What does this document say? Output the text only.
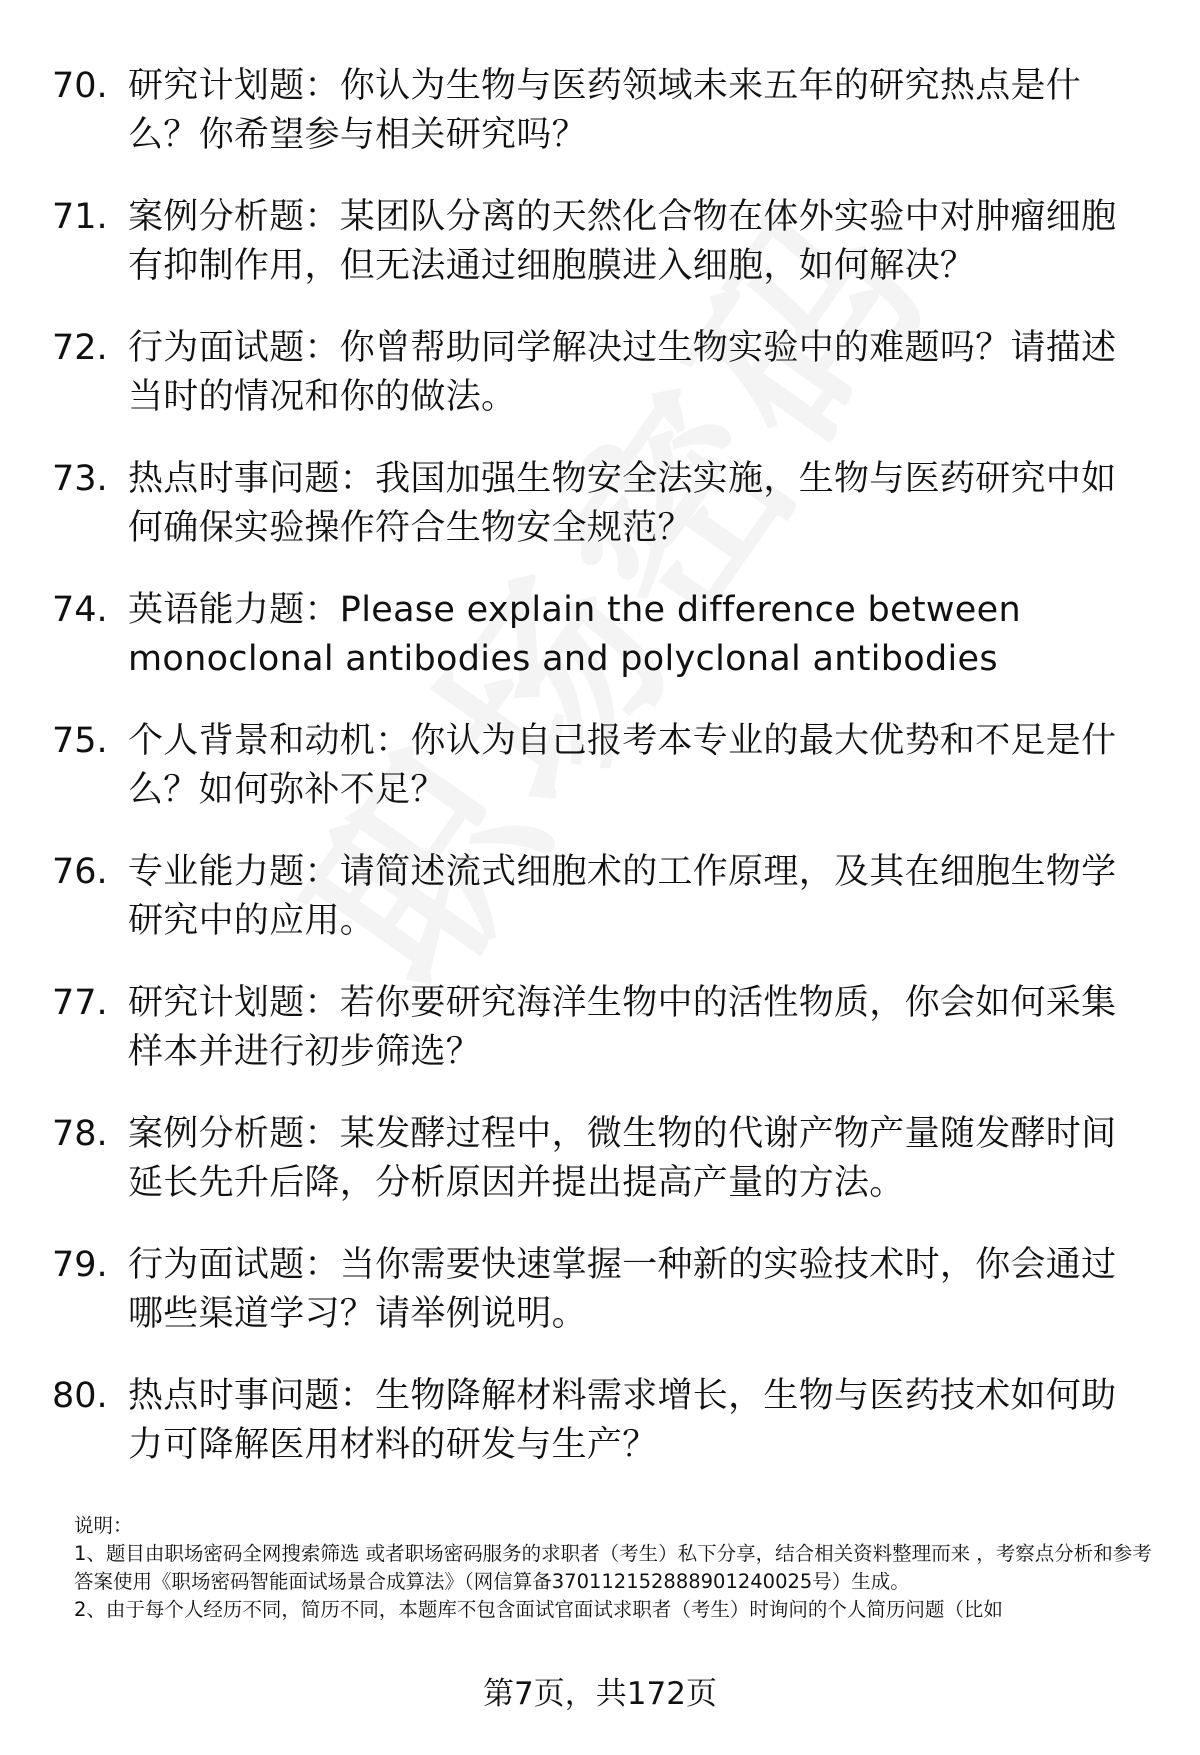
70. 研究计划题：你认为生物与医药领域未来五年的研究热点是什么？你希望参与相关研究吗？
71. 案例分析题：某团队分离的天然化合物在体外实验中对肿瘤细胞有抑制作用，但无法通过细胞膜进入细胞，如何解决？
72. 行为面试题：你曾帮助同学解决过生物实验中的难题吗？请描述当时的情况和你的做法。
73. 热点时事问题：我国加强生物安全法实施，生物与医药研究中如何确保实验操作符合生物安全规范？
74. 英语能力题：Please explain the difference between monoclonal antibodies and polyclonal antibodies
75. 个人背景和动机：你认为自己报考本专业的最大优势和不足是什么？如何弥补不足？
76. 专业能力题：请简述流式细胞术的工作原理，及其在细胞生物学研究中的应用。
77. 研究计划题：若你要研究海洋生物中的活性物质，你会如何采集样本并进行初步筛选？
78. 案例分析题：某发酵过程中，微生物的代谢产物产量随发酵时间延长先升后降，分析原因并提出提高产量的方法。
79. 行为面试题：当你需要快速掌握一种新的实验技术时，你会通过哪些渠道学习？请举例说明。
80. 热点时事问题：生物降解材料需求增长，生物与医药技术如何助力可降解医用材料的研发与生产？
说明：
1、题目由职场密码全网搜索筛选 或者职场密码服务的求职者（考生）私下分享，结合相关资料整理而来 ，考察点分析和参考答案使用《职场密码智能面试场景合成算法》（网信算备370112152888901240025号）生成。
2、由于每个人经历不同，简历不同，本题库不包含面试官面试求职者（考生）时询问的个人简历问题（比如
第7页，共172页
